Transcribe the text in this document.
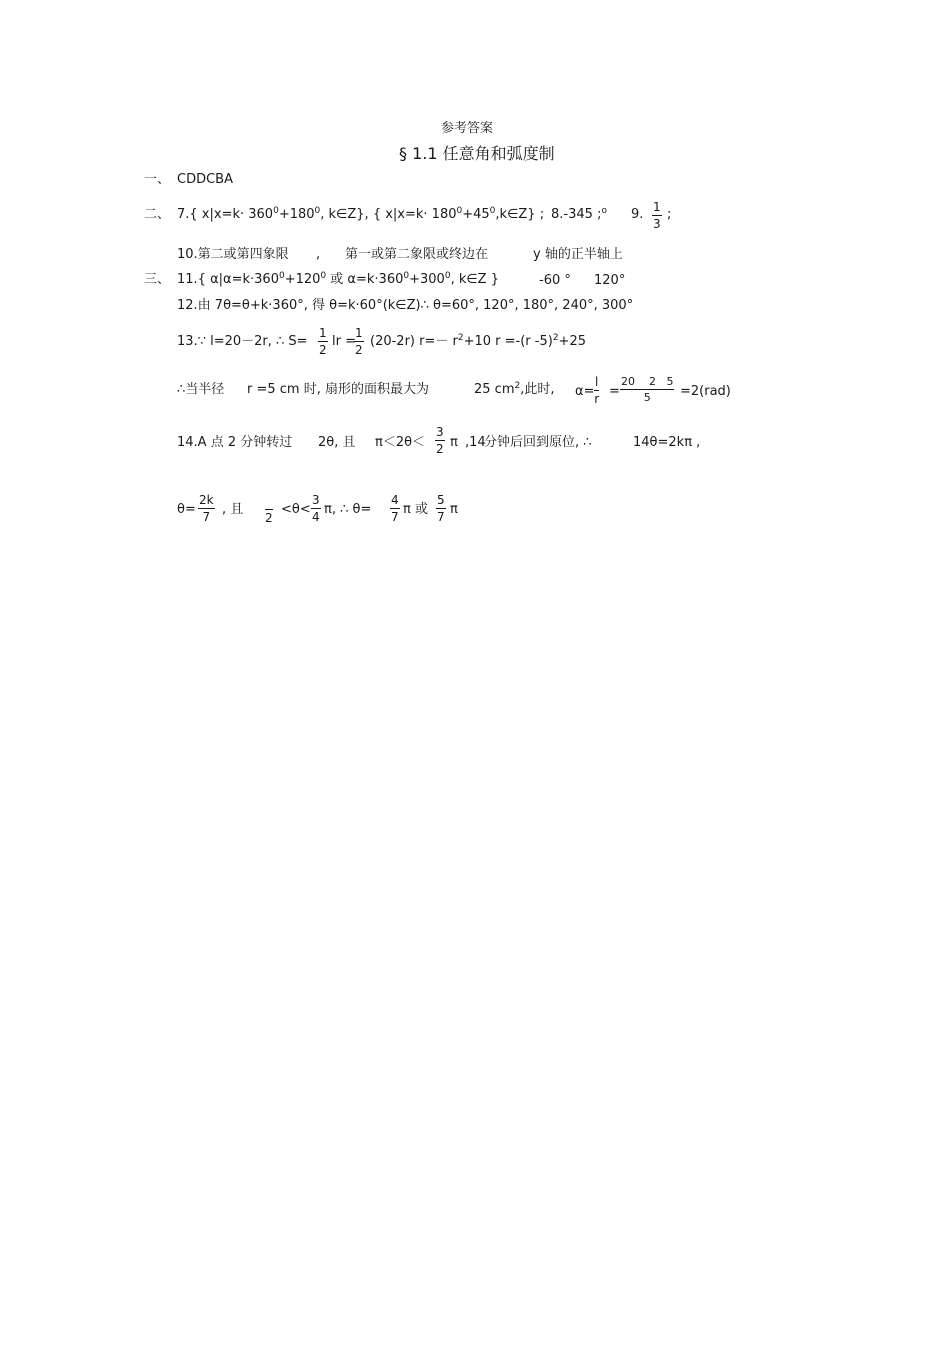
参考答案
§ 1.1 任意角和弧度制
一、 CDDCBA
二、 7.{ $x|x=k\cdot 360^0+180^0$, k∈Z}, { $x|x=k\cdot 180^0+45^0,k\in Z$} ; 8.-345 ;$^o$ 9. $\frac{1}{3}$ ;
10.第二或第四象限 , 第一或第二象限或终边在	y 轴的正半轴上
三、 11.{ $\alpha|\alpha=k\cdot 360^0+120^0$ 或 $\alpha=k\cdot 360^0+300^0$, k∈Z }	-60 ° 120°
12.由 7θ=θ+k·360°, 得 θ=k·60°(k∈Z)∴ θ=60°, 120°, 180°, 240°, 300°
13.∵ l=20－2r, ∴ $S= \frac{1}{2}$ lr =
$\frac{1}{2} (20-2r)$ $r=- r^2+10$ r =-(r -5)$^2$+25
∴当半径 r =5 cm 时, 扇形的面积最大为	25 $cm^2$,此时, $\alpha= \frac{l}{r} = \frac{20 2 5}{5} =2(rad)$
14.A 点 2 分钟转过 2θ, 且 $\pi<2\theta< \frac{3}{2}$ π ,14
分钟后回到原位, ∴	14θ=2kπ ,
$\theta= \frac{2k}{7}$ , 且

2
$<\theta< \frac{3}{4} \pi$, ∴ $\theta= \frac{4}{7}$ π 或 $\frac{5}{7}$ π
